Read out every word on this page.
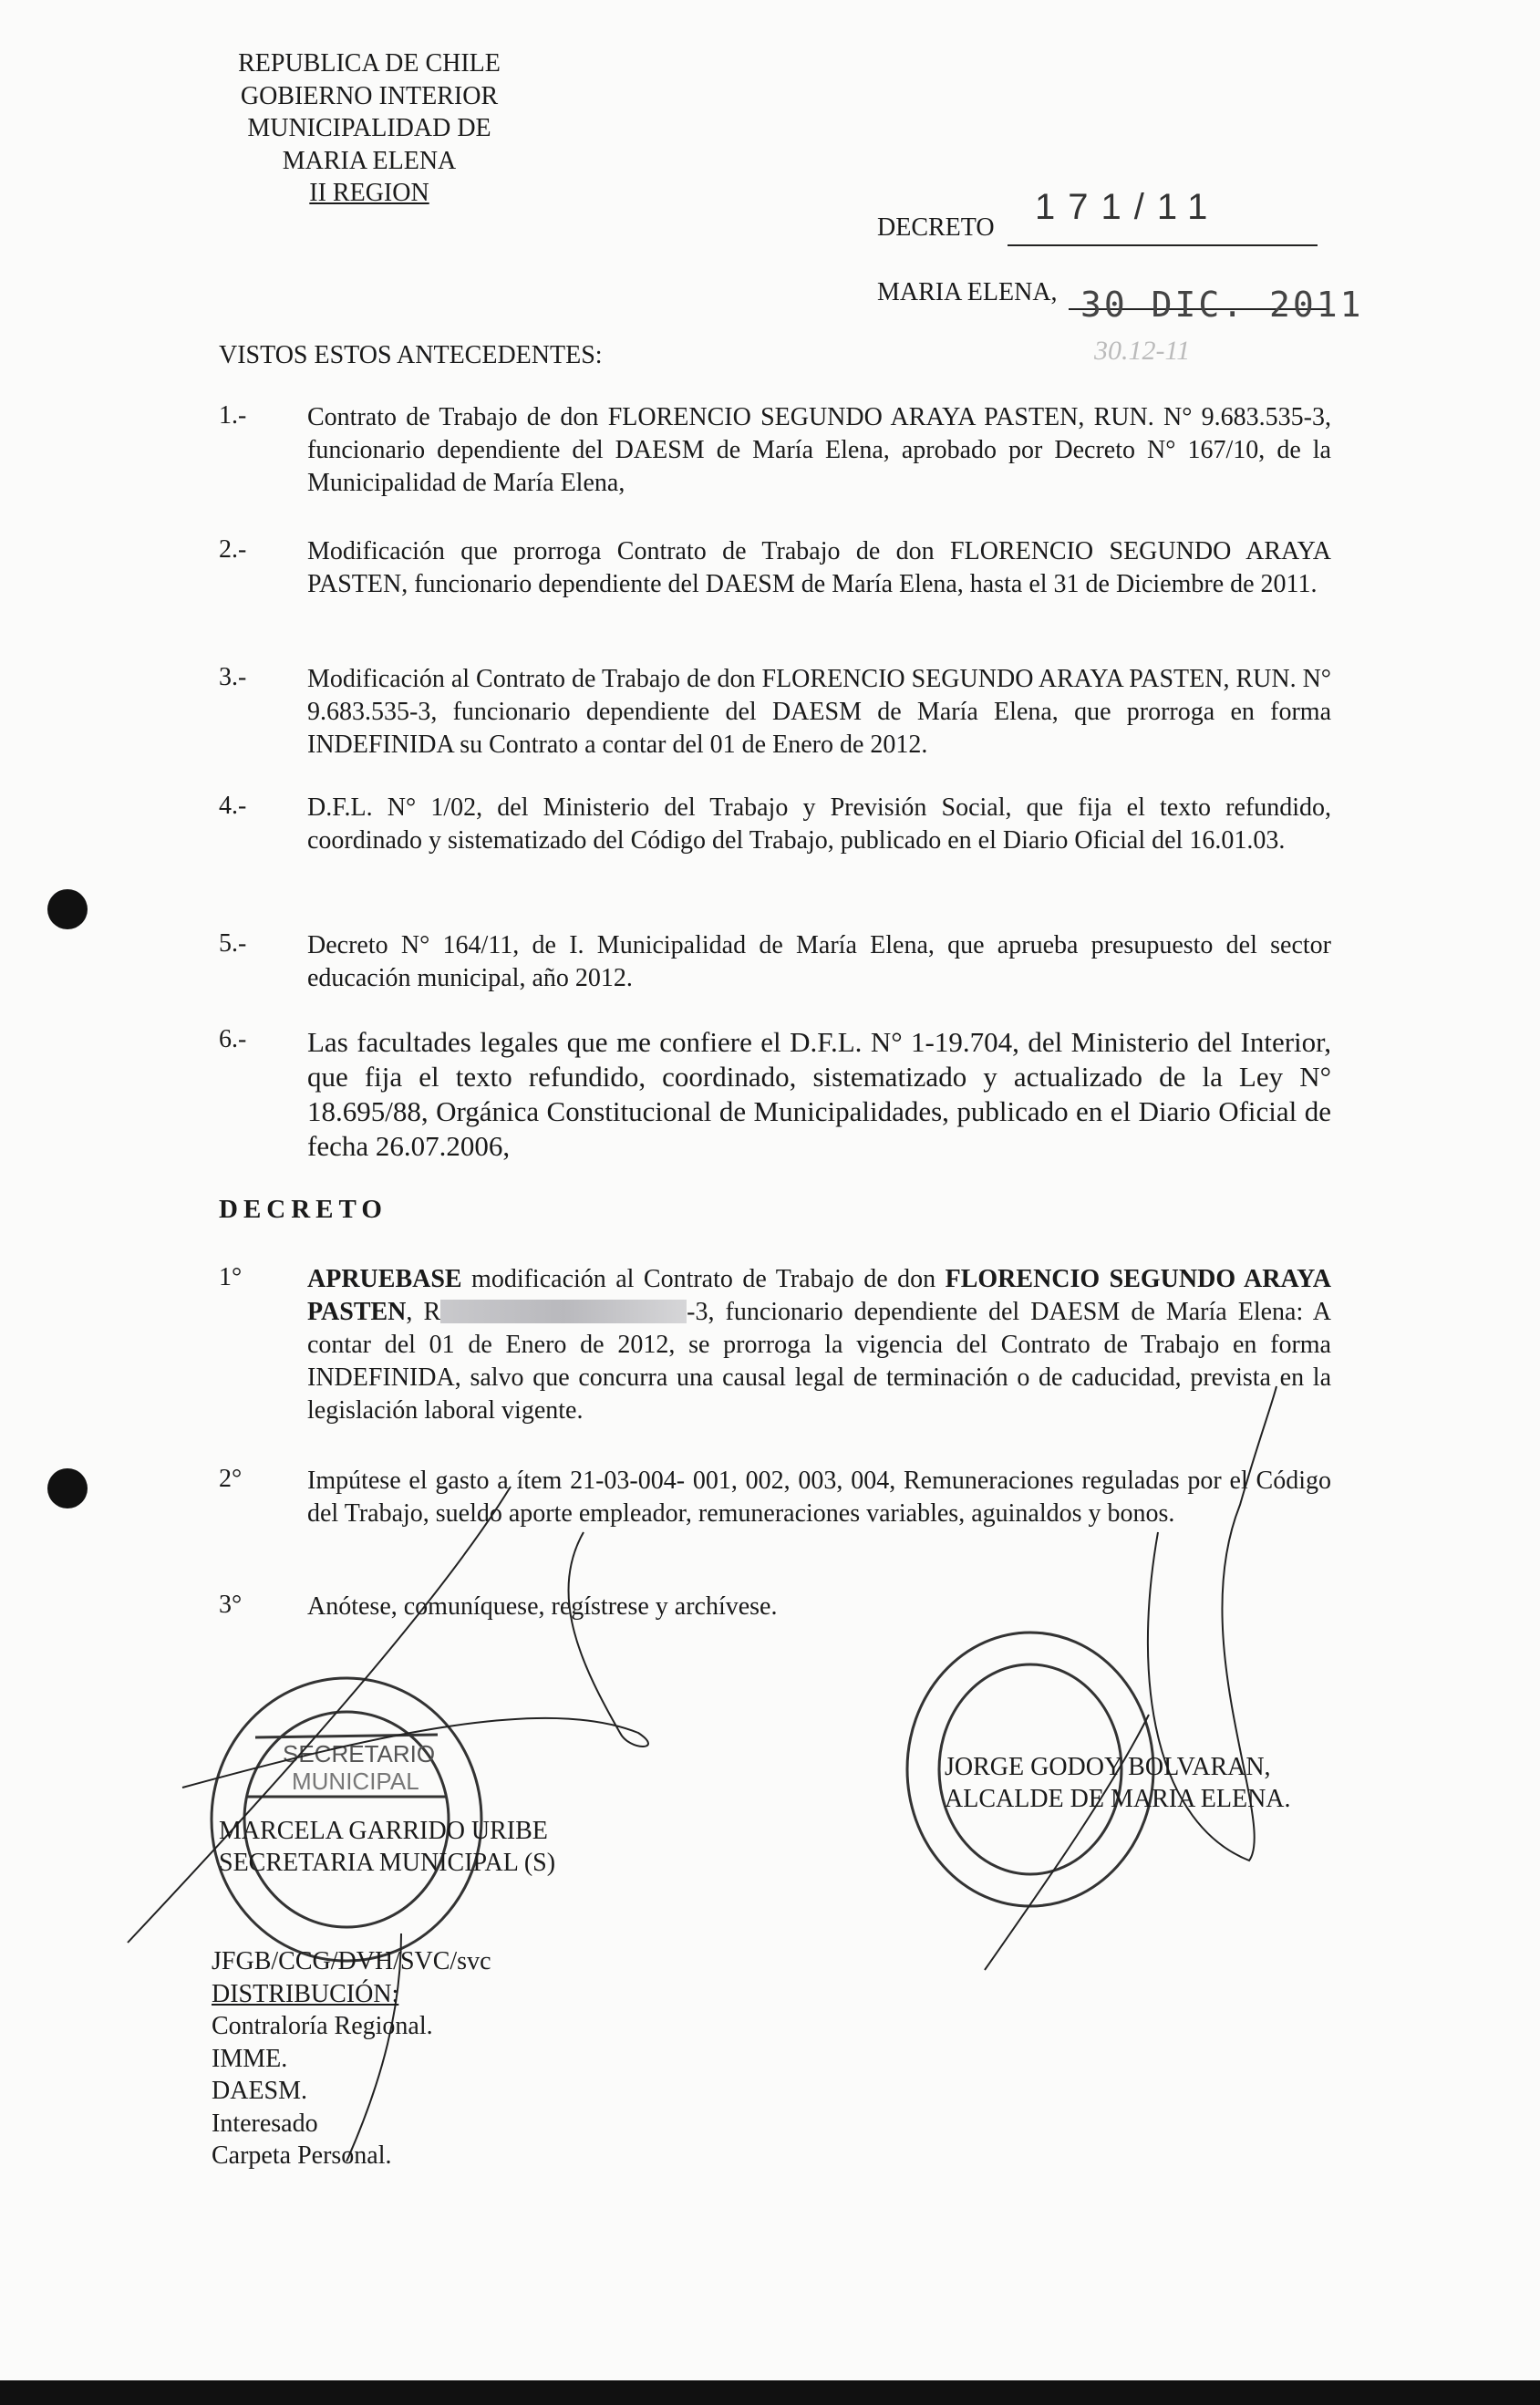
REPUBLICA DE CHILE
GOBIERNO INTERIOR
MUNICIPALIDAD DE
MARIA ELENA
II REGION
DECRETO
171/11
MARIA ELENA, 30 DIC. 2011
30.12-11
VISTOS ESTOS ANTECEDENTES:
1.- Contrato de Trabajo de don FLORENCIO SEGUNDO ARAYA PASTEN, RUN. N° 9.683.535-3, funcionario dependiente del DAESM de María Elena, aprobado por Decreto N° 167/10, de la Municipalidad de María Elena,
2.- Modificación que prorroga Contrato de Trabajo de don FLORENCIO SEGUNDO ARAYA PASTEN, funcionario dependiente del DAESM de María Elena, hasta el 31 de Diciembre de 2011.
3.- Modificación al Contrato de Trabajo de don FLORENCIO SEGUNDO ARAYA PASTEN, RUN. N° 9.683.535-3, funcionario dependiente del DAESM de María Elena, que prorroga en forma INDEFINIDA su Contrato a contar del 01 de Enero de 2012.
4.- D.F.L. N° 1/02, del Ministerio del Trabajo y Previsión Social, que fija el texto refundido, coordinado y sistematizado del Código del Trabajo, publicado en el Diario Oficial del 16.01.03.
5.- Decreto N° 164/11, de I. Municipalidad de María Elena, que aprueba presupuesto del sector educación municipal, año 2012.
6.- Las facultades legales que me confiere el D.F.L. N° 1-19.704, del Ministerio del Interior, que fija el texto refundido, coordinado, sistematizado y actualizado de la Ley N° 18.695/88, Orgánica Constitucional de Municipalidades, publicado en el Diario Oficial de fecha 26.07.2006,
DECRETO
1°	APRUEBASE modificación al Contrato de Trabajo de don FLORENCIO SEGUNDO ARAYA PASTEN, R	-3, funcionario dependiente del DAESM de María Elena: A contar del 01 de Enero de 2012, se prorroga la vigencia del Contrato de Trabajo en forma INDEFINIDA, salvo que concurra una causal legal de terminación o de caducidad, prevista en la legislación laboral vigente.
2°	Impútese el gasto a ítem 21-03-004- 001, 002, 003, 004, Remuneraciones reguladas por el Código del Trabajo, sueldo aporte empleador, remuneraciones variables, aguinaldos y bonos.
3°	Anótese, comuníquese, regístrese y archívese.
SECRETARIO
MUNICIPAL
MARCELA GARRIDO URIBE
SECRETARIA MUNICIPAL (S)
JORGE GODOY BOLVARAN,
ALCALDE DE MARIA ELENA.
JFGB/CCG/DVH/SVC/svc
DISTRIBUCIÓN:
Contraloría Regional.
IMME.
DAESM.
Interesado
Carpeta Personal.
